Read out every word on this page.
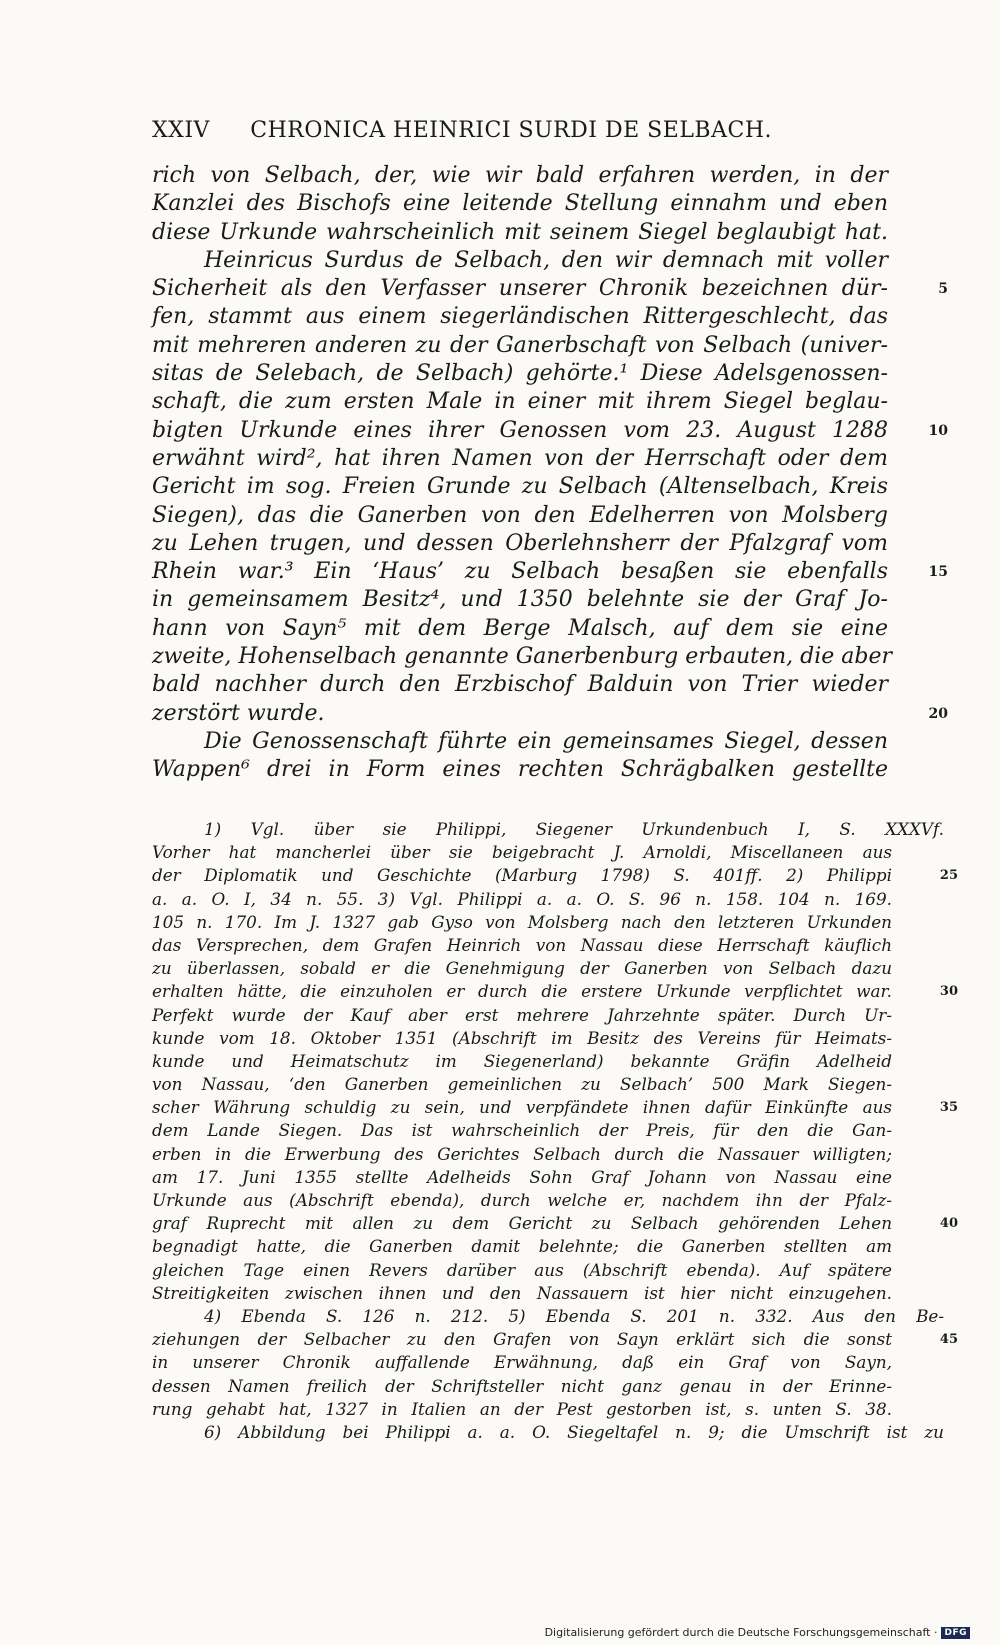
XXIV CHRONICA HEINRICI SURDI DE SELBACH.
rich von Selbach, der, wie wir bald erfahren werden, in der
Kanzlei des Bischofs eine leitende Stellung einnahm und eben
diese Urkunde wahrscheinlich mit seinem Siegel beglaubigt hat.
Heinricus Surdus de Selbach, den wir demnach mit voller
Sicherheit als den Verfasser unserer Chronik bezeichnen dür-	5
fen, stammt aus einem siegerländischen Rittergeschlecht, das
mit mehreren anderen zu der Ganerbschaft von Selbach (univer-
sitas de Selebach, de Selbach) gehörte.¹ Diese Adelsgenossen-
schaft, die zum ersten Male in einer mit ihrem Siegel beglau-
bigten Urkunde eines ihrer Genossen vom 23. August 1288	10
erwähnt wird², hat ihren Namen von der Herrschaft oder dem
Gericht im sog. Freien Grunde zu Selbach (Altenselbach, Kreis
Siegen), das die Ganerben von den Edelherren von Molsberg
zu Lehen trugen, und dessen Oberlehnsherr der Pfalzgraf vom
Rhein war.³ Ein ‘Haus’ zu Selbach besaßen sie ebenfalls	15
in gemeinsamem Besitz⁴, und 1350 belehnte sie der Graf Jo-
hann von Sayn⁵ mit dem Berge Malsch, auf dem sie eine
zweite, Hohenselbach genannte Ganerbenburg erbauten, die aber
bald nachher durch den Erzbischof Balduin von Trier wieder
zerstört wurde.	20
Die Genossenschaft führte ein gemeinsames Siegel, dessen
Wappen⁶ drei in Form eines rechten Schrägbalken gestellte
1) Vgl. über sie Philippi, Siegener Urkundenbuch I, S. XXXVf.
Vorher hat mancherlei über sie beigebracht J. Arnoldi, Miscellaneen aus
der Diplomatik und Geschichte (Marburg 1798) S. 401ff. 2) Philippi	25
a. a. O. I, 34 n. 55. 3) Vgl. Philippi a. a. O. S. 96 n. 158. 104 n. 169.
105 n. 170. Im J. 1327 gab Gyso von Molsberg nach den letzteren Urkunden
das Versprechen, dem Grafen Heinrich von Nassau diese Herrschaft käuflich
zu überlassen, sobald er die Genehmigung der Ganerben von Selbach dazu
erhalten hätte, die einzuholen er durch die erstere Urkunde verpflichtet war.	30
Perfekt wurde der Kauf aber erst mehrere Jahrzehnte später. Durch Ur-
kunde vom 18. Oktober 1351 (Abschrift im Besitz des Vereins für Heimats-
kunde und Heimatschutz im Siegenerland) bekannte Gräfin Adelheid
von Nassau, ‘den Ganerben gemeinlichen zu Selbach’ 500 Mark Siegen-
scher Währung schuldig zu sein, und verpfändete ihnen dafür Einkünfte aus	35
dem Lande Siegen. Das ist wahrscheinlich der Preis, für den die Gan-
erben in die Erwerbung des Gerichtes Selbach durch die Nassauer willigten;
am 17. Juni 1355 stellte Adelheids Sohn Graf Johann von Nassau eine
Urkunde aus (Abschrift ebenda), durch welche er, nachdem ihn der Pfalz-
graf Ruprecht mit allen zu dem Gericht zu Selbach gehörenden Lehen	40
begnadigt hatte, die Ganerben damit belehnte; die Ganerben stellten am
gleichen Tage einen Revers darüber aus (Abschrift ebenda). Auf spätere
Streitigkeiten zwischen ihnen und den Nassauern ist hier nicht einzugehen.
4) Ebenda S. 126 n. 212. 5) Ebenda S. 201 n. 332. Aus den Be-
ziehungen der Selbacher zu den Grafen von Sayn erklärt sich die sonst	45
in unserer Chronik auffallende Erwähnung, daß ein Graf von Sayn,
dessen Namen freilich der Schriftsteller nicht ganz genau in der Erinne-
rung gehabt hat, 1327 in Italien an der Pest gestorben ist, s. unten S. 38.
6) Abbildung bei Philippi a. a. O. Siegeltafel n. 9; die Umschrift ist zu
Digitalisierung gefördert durch die Deutsche Forschungsgemeinschaft · DFG
